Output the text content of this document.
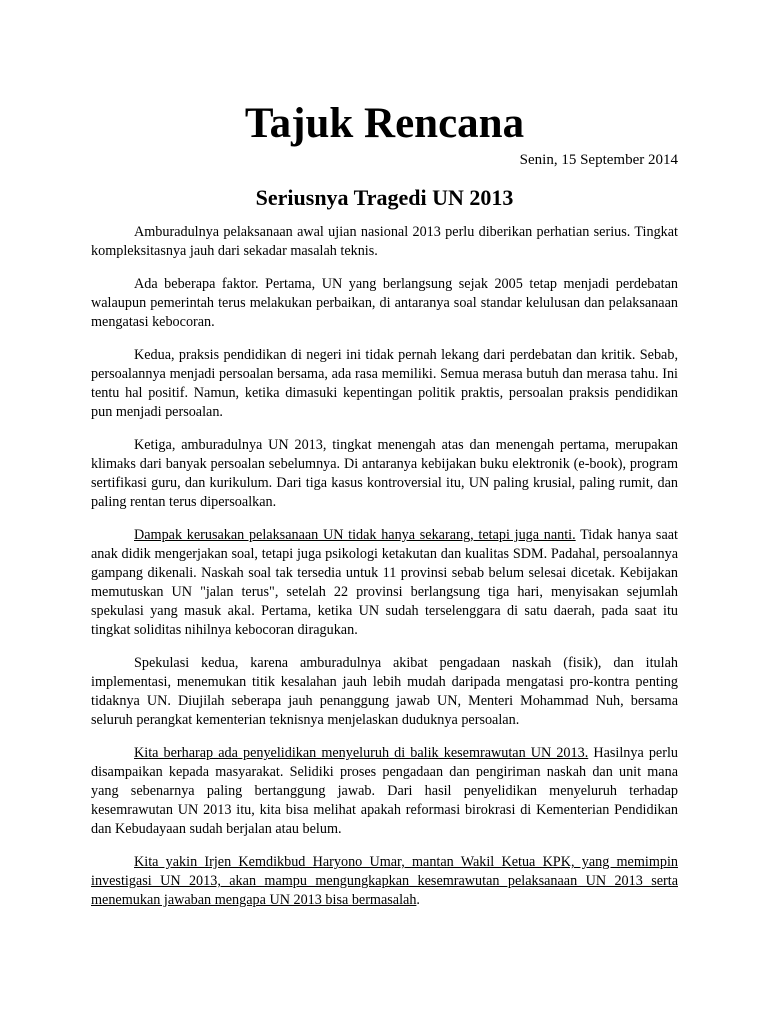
Tajuk Rencana
Senin, 15 September 2014
Seriusnya Tragedi UN 2013

Amburadulnya pelaksanaan awal ujian nasional 2013 perlu diberikan perhatian serius. Tingkat kompleksitasnya jauh dari sekadar masalah teknis.

Ada beberapa faktor. Pertama, UN yang berlangsung sejak 2005 tetap menjadi perdebatan walaupun pemerintah terus melakukan perbaikan, di antaranya soal standar kelulusan dan pelaksanaan mengatasi kebocoran.

Kedua, praksis pendidikan di negeri ini tidak pernah lekang dari perdebatan dan kritik. Sebab, persoalannya menjadi persoalan bersama, ada rasa memiliki. Semua merasa butuh dan merasa tahu. Ini tentu hal positif. Namun, ketika dimasuki kepentingan politik praktis, persoalan praksis pendidikan pun menjadi persoalan.

Ketiga, amburadulnya UN 2013, tingkat menengah atas dan menengah pertama, merupakan klimaks dari banyak persoalan sebelumnya. Di antaranya kebijakan buku elektronik (e-book), program sertifikasi guru, dan kurikulum. Dari tiga kasus kontroversial itu, UN paling krusial, paling rumit, dan paling rentan terus dipersoalkan.

Dampak kerusakan pelaksanaan UN tidak hanya sekarang, tetapi juga nanti. Tidak hanya saat anak didik mengerjakan soal, tetapi juga psikologi ketakutan dan kualitas SDM. Padahal, persoalannya gampang dikenali. Naskah soal tak tersedia untuk 11 provinsi sebab belum selesai dicetak. Kebijakan memutuskan UN "jalan terus", setelah 22 provinsi berlangsung tiga hari, menyisakan sejumlah spekulasi yang masuk akal. Pertama, ketika UN sudah terselenggara di satu daerah, pada saat itu tingkat soliditas nihilnya kebocoran diragukan.

Spekulasi kedua, karena amburadulnya akibat pengadaan naskah (fisik), dan itulah implementasi, menemukan titik kesalahan jauh lebih mudah daripada mengatasi pro-kontra penting tidaknya UN. Diujilah seberapa jauh penanggung jawab UN, Menteri Mohammad Nuh, bersama seluruh perangkat kementerian teknisnya menjelaskan duduknya persoalan.

Kita berharap ada penyelidikan menyeluruh di balik kesemrawutan UN 2013. Hasilnya perlu disampaikan kepada masyarakat. Selidiki proses pengadaan dan pengiriman naskah dan unit mana yang sebenarnya paling bertanggung jawab. Dari hasil penyelidikan menyeluruh terhadap kesemrawutan UN 2013 itu, kita bisa melihat apakah reformasi birokrasi di Kementerian Pendidikan dan Kebudayaan sudah berjalan atau belum.

Kita yakin Irjen Kemdikbud Haryono Umar, mantan Wakil Ketua KPK, yang memimpin investigasi UN 2013, akan mampu mengungkapkan kesemrawutan pelaksanaan UN 2013 serta menemukan jawaban mengapa UN 2013 bisa bermasalah.
